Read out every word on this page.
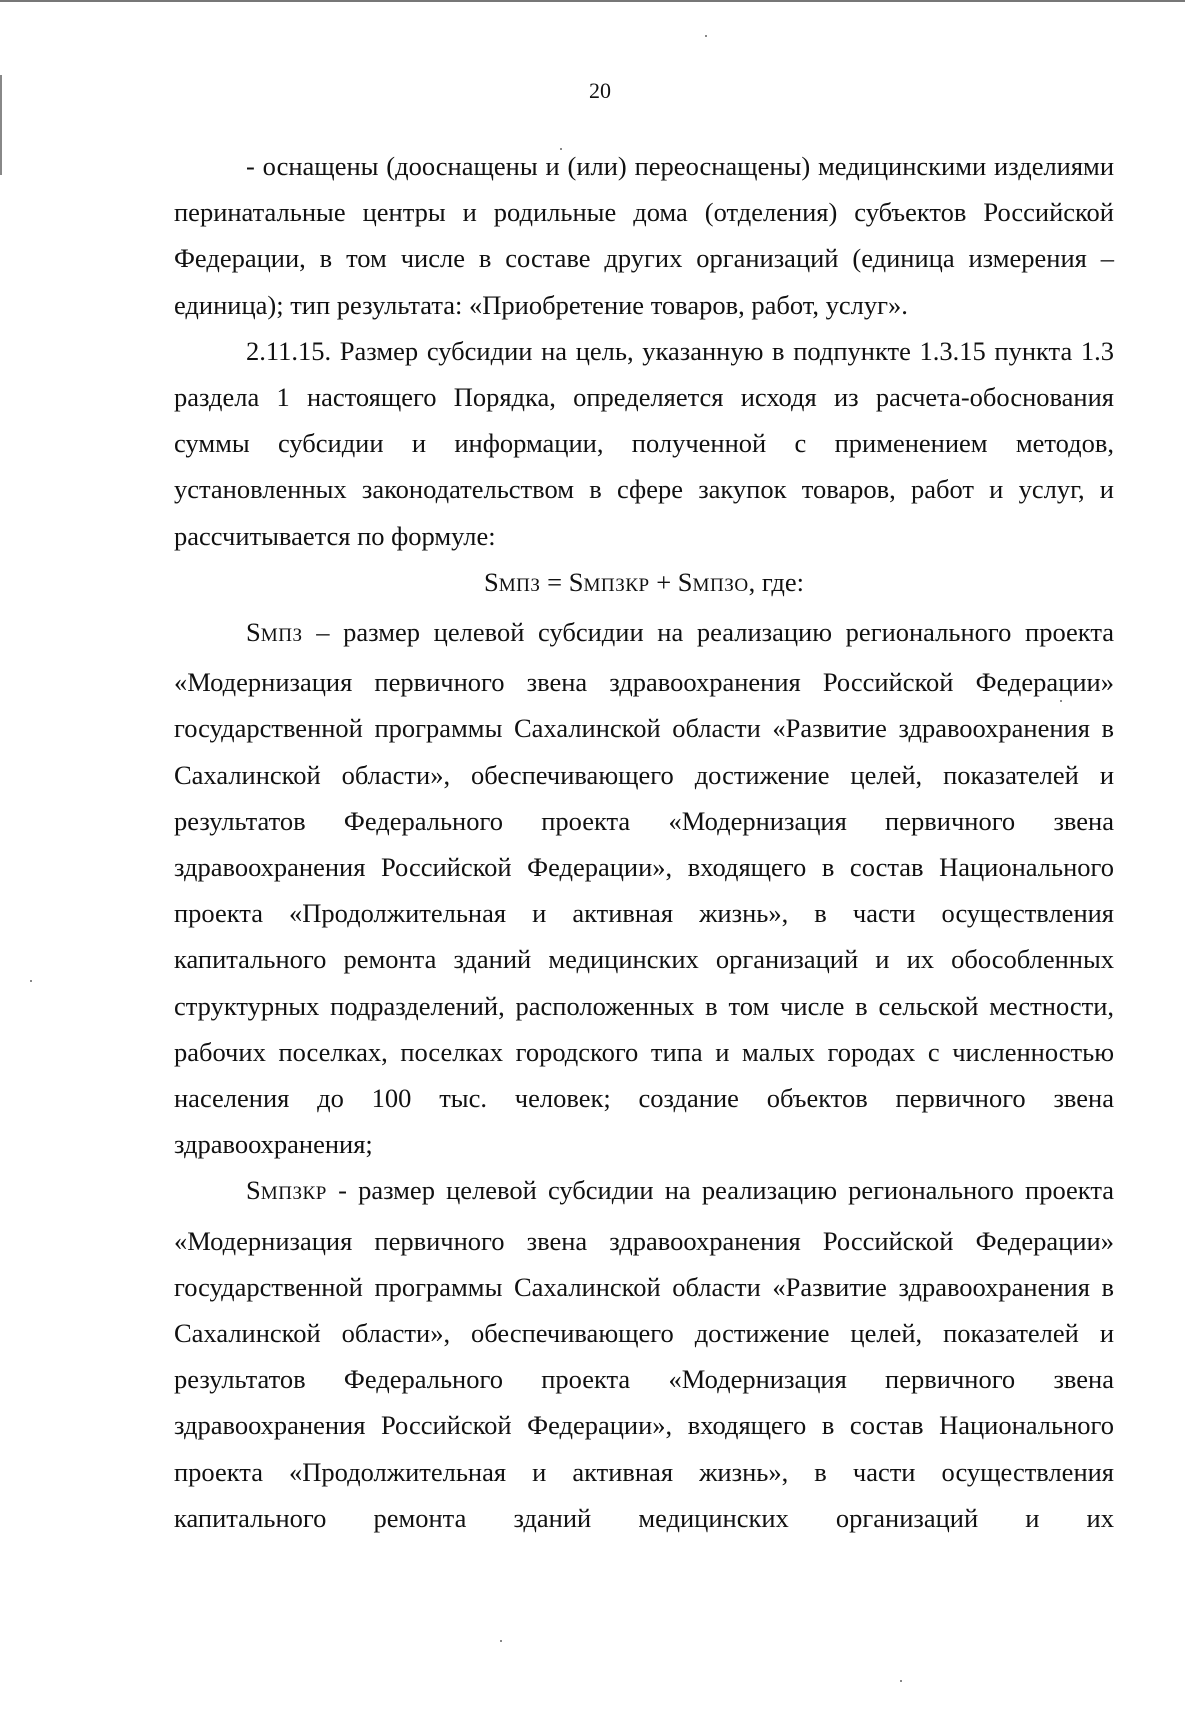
20

- оснащены (дооснащены и (или) переоснащены) медицинскими изделиями перинатальные центры и родильные дома (отделения) субъектов Российской Федерации, в том числе в составе других организаций (единица измерения – единица); тип результата: «Приобретение товаров, работ, услуг».

2.11.15. Размер субсидии на цель, указанную в подпункте 1.3.15 пункта 1.3 раздела 1 настоящего Порядка, определяется исходя из расчета-обоснования суммы субсидии и информации, полученной с применением методов, установленных законодательством в сфере закупок товаров, работ и услуг, и рассчитывается по формуле:

SМПЗ = SМПЗКР + SМПЗО, где:

SМПЗ – размер целевой субсидии на реализацию регионального проекта «Модернизация первичного звена здравоохранения Российской Федерации» государственной программы Сахалинской области «Развитие здравоохранения в Сахалинской области», обеспечивающего достижение целей, показателей и результатов Федерального проекта «Модернизация первичного звена здравоохранения Российской Федерации», входящего в состав Национального проекта «Продолжительная и активная жизнь», в части осуществления капитального ремонта зданий медицинских организаций и их обособленных структурных подразделений, расположенных в том числе в сельской местности, рабочих поселках, поселках городского типа и малых городах с численностью населения до 100 тыс. человек; создание объектов первичного звена здравоохранения;

SМПЗКР - размер целевой субсидии на реализацию регионального проекта «Модернизация первичного звена здравоохранения Российской Федерации» государственной программы Сахалинской области «Развитие здравоохранения в Сахалинской области», обеспечивающего достижение целей, показателей и результатов Федерального проекта «Модернизация первичного звена здравоохранения Российской Федерации», входящего в состав Национального проекта «Продолжительная и активная жизнь», в части осуществления капитального ремонта зданий медицинских организаций и их
